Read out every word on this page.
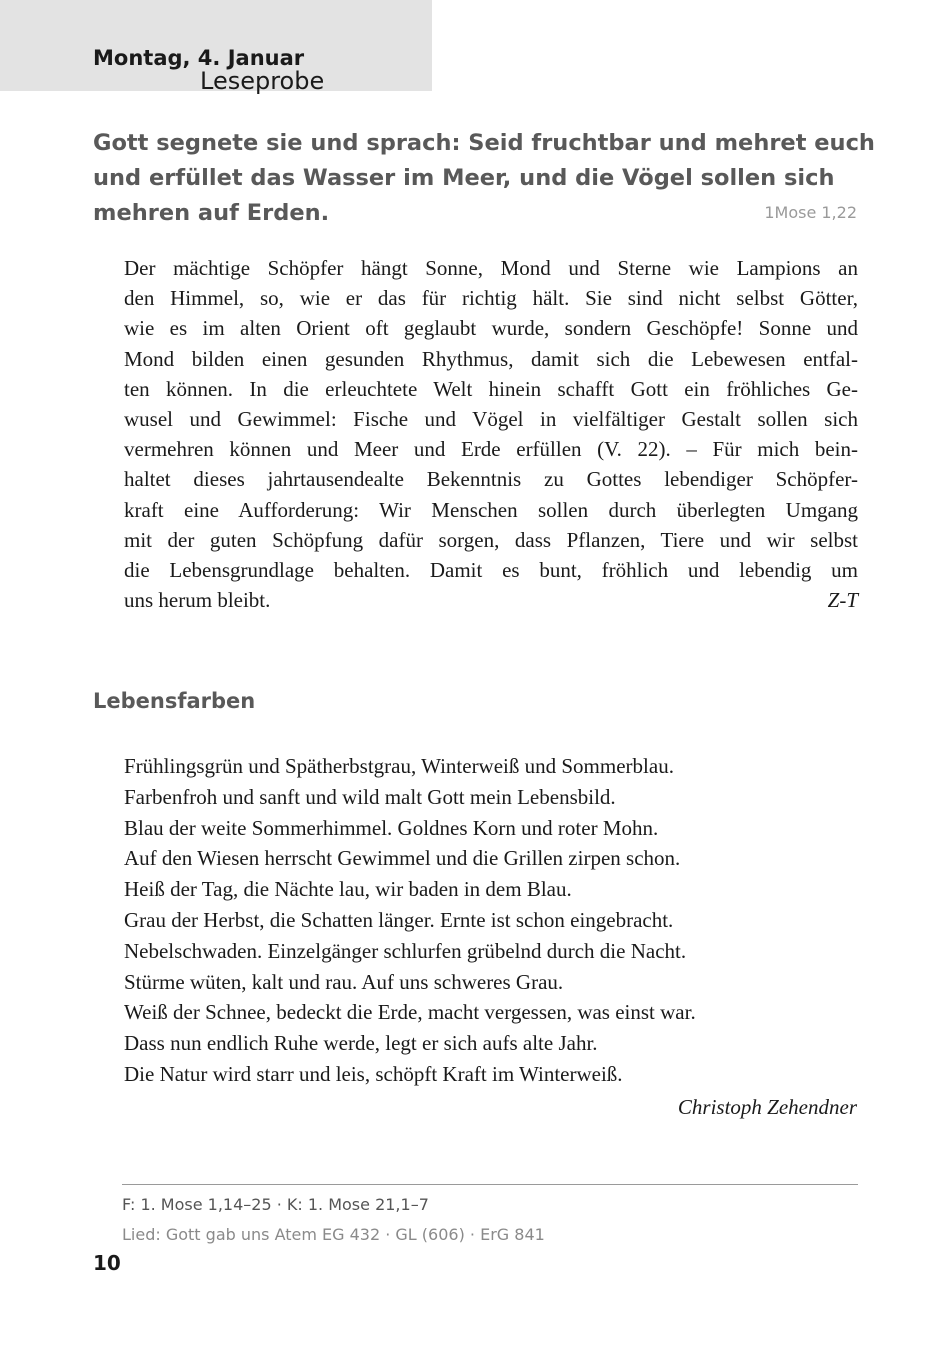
Montag, 4. Januar
Leseprobe
Gott segnete sie und sprach: Seid fruchtbar und mehret euch
und erfüllet das Wasser im Meer, und die Vögel sollen sich
mehren auf Erden.	1Mose 1,22
Der mächtige Schöpfer hängt Sonne, Mond und Sterne wie Lampions an
den Himmel, so, wie er das für richtig hält. Sie sind nicht selbst Götter,
wie es im alten Orient oft geglaubt wurde, sondern Geschöpfe! Sonne und
Mond bilden einen gesunden Rhythmus, damit sich die Lebewesen entfal-
ten können. In die erleuchtete Welt hinein schafft Gott ein fröhliches Ge-
wusel und Gewimmel: Fische und Vögel in vielfältiger Gestalt sollen sich
vermehren können und Meer und Erde erfüllen (V. 22). – Für mich bein-
haltet dieses jahrtausendealte Bekenntnis zu Gottes lebendiger Schöpfer-
kraft eine Aufforderung: Wir Menschen sollen durch überlegten Umgang
mit der guten Schöpfung dafür sorgen, dass Pflanzen, Tiere und wir selbst
die Lebensgrundlage behalten. Damit es bunt, fröhlich und lebendig um
uns herum bleibt.	Z-T
Lebensfarben
Frühlingsgrün und Spätherbstgrau, Winterweiß und Sommerblau.
Farbenfroh und sanft und wild malt Gott mein Lebensbild.
Blau der weite Sommerhimmel. Goldnes Korn und roter Mohn.
Auf den Wiesen herrscht Gewimmel und die Grillen zirpen schon.
Heiß der Tag, die Nächte lau, wir baden in dem Blau.
Grau der Herbst, die Schatten länger. Ernte ist schon eingebracht.
Nebelschwaden. Einzelgänger schlurfen grübelnd durch die Nacht.
Stürme wüten, kalt und rau. Auf uns schweres Grau.
Weiß der Schnee, bedeckt die Erde, macht vergessen, was einst war.
Dass nun endlich Ruhe werde, legt er sich aufs alte Jahr.
Die Natur wird starr und leis, schöpft Kraft im Winterweiß.
Christoph Zehendner
F: 1. Mose 1,14–25 · K: 1. Mose 21,1–7
Lied: Gott gab uns Atem EG 432 · GL (606) · ErG 841
10
